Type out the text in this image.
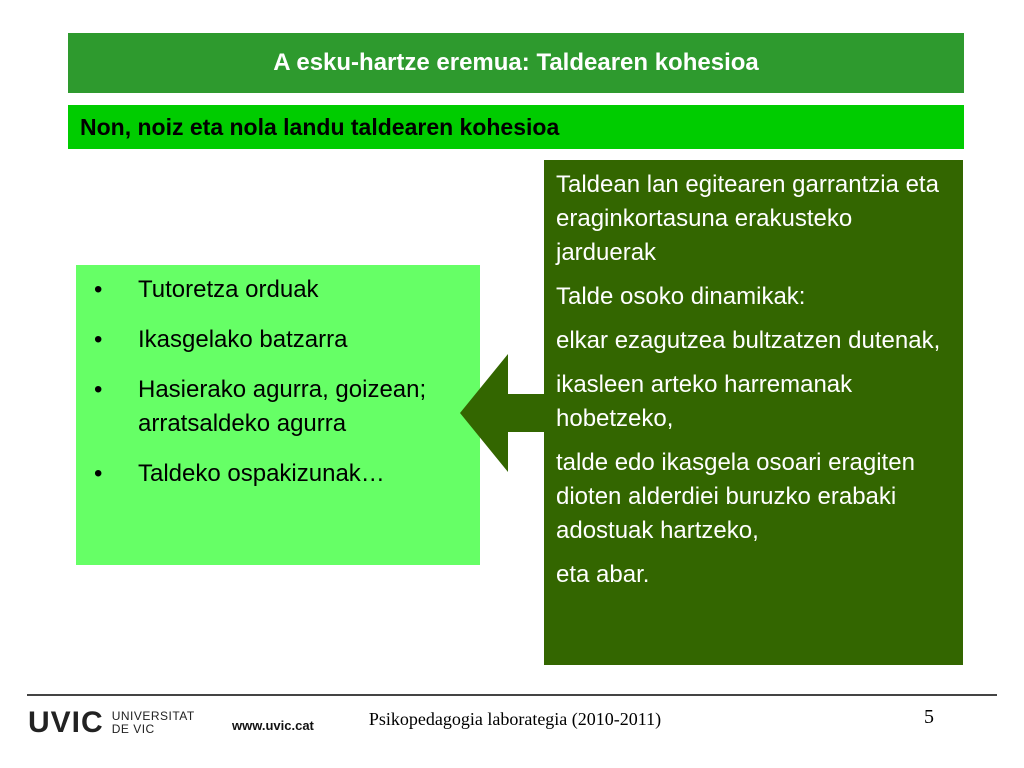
A esku-hartze eremua: Taldearen kohesioa
Non, noiz eta nola landu taldearen kohesioa
•	Tutoretza orduak
•	Ikasgelako batzarra
•	Hasierako agurra, goizean; arratsaldeko agurra
•	Taldeko ospakizunak…

Taldean lan egitearen garrantzia eta eraginkortasuna erakusteko jarduerak

Talde osoko dinamikak:

elkar ezagutzea bultzatzen dutenak,

ikasleen arteko harremanak hobetzeko,

talde edo ikasgela osoari eragiten dioten alderdiei buruzko erabaki adostuak hartzeko,

eta abar.

UVIC UNIVERSITAT
DE VIC	www.uvic.cat	Psikopedagogia laborategia (2010-2011)	5
